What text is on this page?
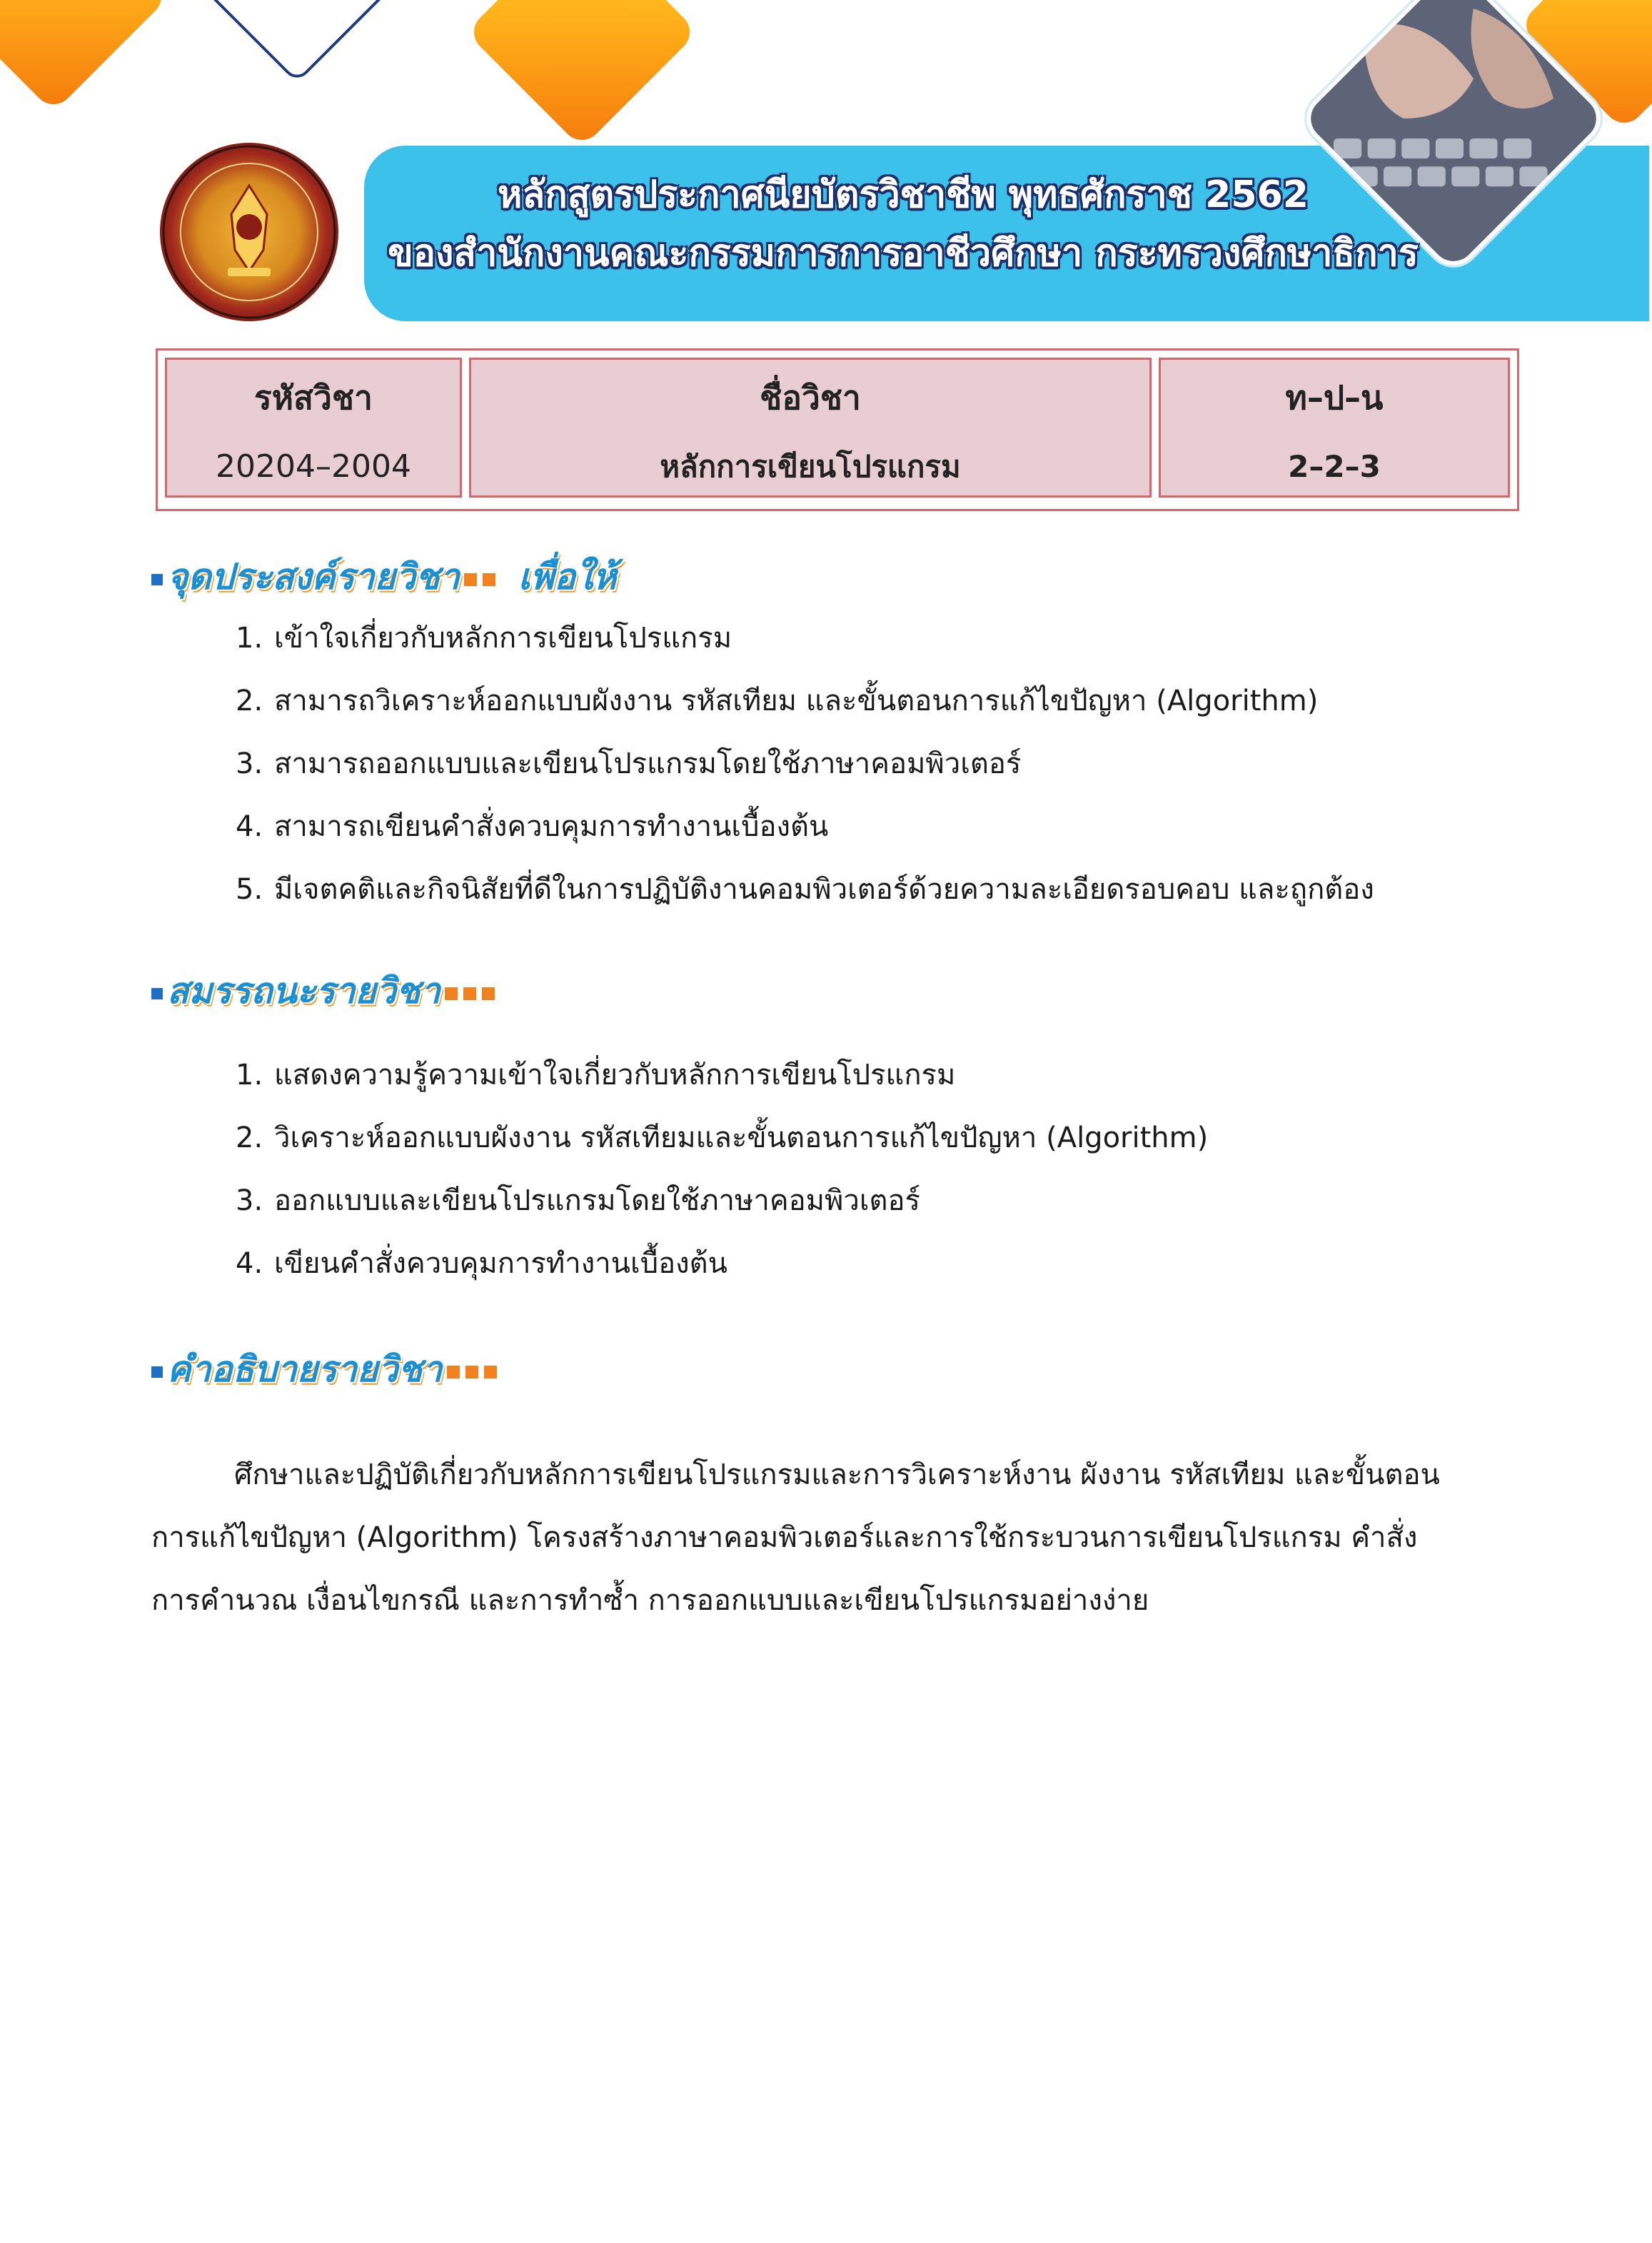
หลักสูตรประกาศนียบัตรวิชาชีพ พุทธศักราช 2562
ของสำนักงานคณะกรรมการการอาชีวศึกษา กระทรวงศึกษาธิการ
รหัสวิชา
20204–2004
ชื่อวิชา
หลักการเขียนโปรแกรม
ท–ป–น
2–2–3
จุดประสงค์รายวิชา เพื่อให้
1. เข้าใจเกี่ยวกับหลักการเขียนโปรแกรม
2. สามารถวิเคราะห์ออกแบบผังงาน รหัสเทียม และขั้นตอนการแก้ไขปัญหา (Algorithm)
3. สามารถออกแบบและเขียนโปรแกรมโดยใช้ภาษาคอมพิวเตอร์
4. สามารถเขียนคำสั่งควบคุมการทำงานเบื้องต้น
5. มีเจตคติและกิจนิสัยที่ดีในการปฏิบัติงานคอมพิวเตอร์ด้วยความละเอียดรอบคอบ และถูกต้อง
สมรรถนะรายวิชา
1. แสดงความรู้ความเข้าใจเกี่ยวกับหลักการเขียนโปรแกรม
2. วิเคราะห์ออกแบบผังงาน รหัสเทียมและขั้นตอนการแก้ไขปัญหา (Algorithm)
3. ออกแบบและเขียนโปรแกรมโดยใช้ภาษาคอมพิวเตอร์
4. เขียนคำสั่งควบคุมการทำงานเบื้องต้น
คำอธิบายรายวิชา
ศึกษาและปฏิบัติเกี่ยวกับหลักการเขียนโปรแกรมและการวิเคราะห์งาน ผังงาน รหัสเทียม และขั้นตอน
การแก้ไขปัญหา (Algorithm) โครงสร้างภาษาคอมพิวเตอร์และการใช้กระบวนการเขียนโปรแกรม คำสั่ง
การคำนวณ เงื่อนไขกรณี และการทำซ้ำ การออกแบบและเขียนโปรแกรมอย่างง่าย
